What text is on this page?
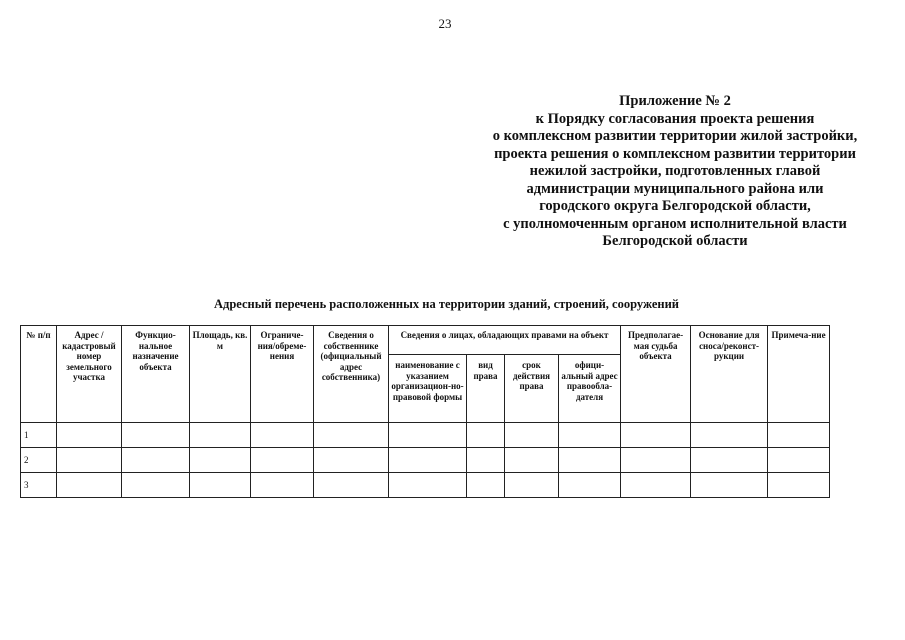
23
Приложение № 2
к Порядку согласования проекта решения
о комплексном развитии территории жилой застройки,
проекта решения о комплексном развитии территории
нежилой застройки, подготовленных главой
администрации муниципального района или
городского округа Белгородской области,
с уполномоченным органом исполнительной власти
Белгородской области
Адресный перечень расположенных на территории зданий, строений, сооружений
№ п/п	Адрес / кадастровый номер земельного участка	Функцио-нальное назначение объекта	Площадь, кв. м	Ограниче-ния/обреме-нения	Сведения о собственнике (официальный адрес собственника)	Сведения о лицах, обладающих правами на объект				Предполагае-мая судьба объекта	Основание для сноса/реконст-рукции	Примеча-ние
						наименование с указанием организацион-но-правовой формы	вид права	срок действия права	офици-альный адрес правообла-дателя			
1												
2												
3												
